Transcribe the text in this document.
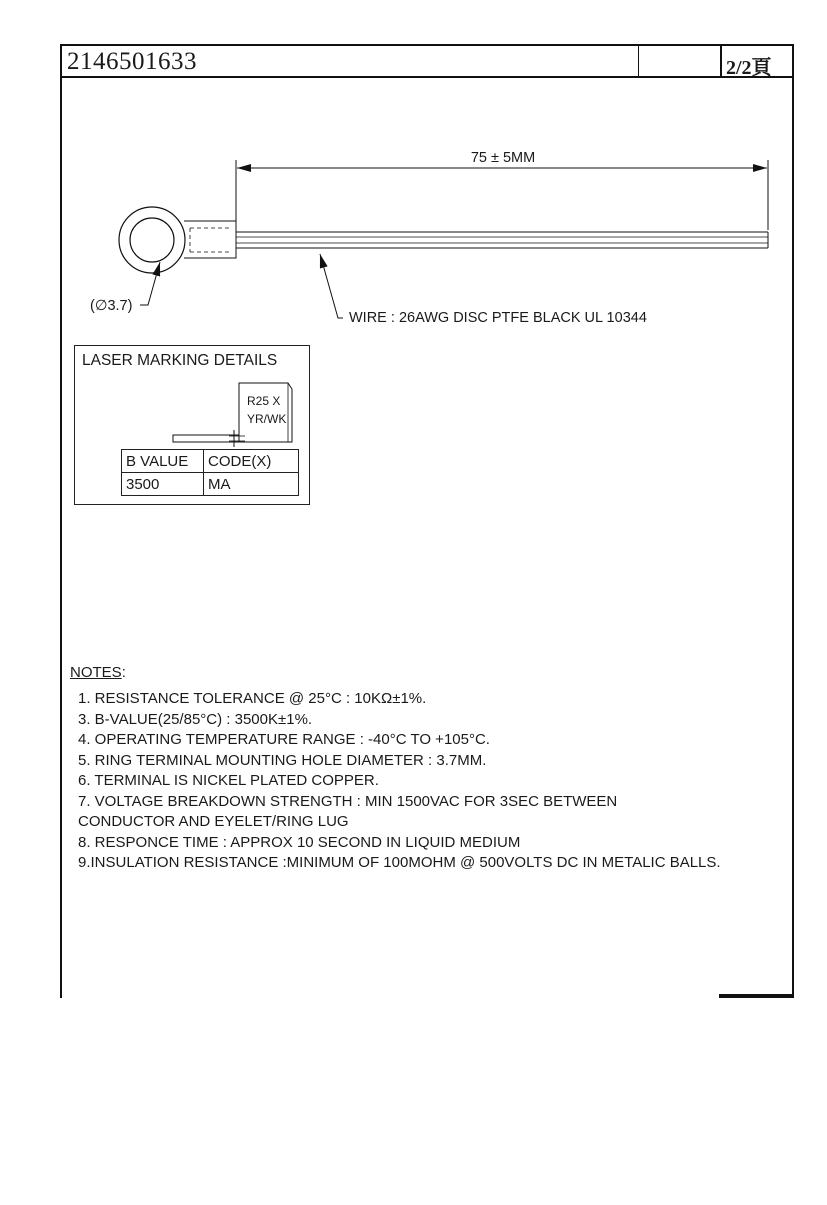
2146501633	2/2頁
75 ± 5MM
(∅3.7)
WIRE : 26AWG DISC PTFE BLACK UL 10344
LASER MARKING DETAILS
R25 X
YR/WK
B VALUE	CODE(X)
3500	MA
NOTES:
1. RESISTANCE TOLERANCE @ 25°C : 10KΩ±1%.
3. B-VALUE(25/85°C) : 3500K±1%.
4. OPERATING TEMPERATURE RANGE : -40°C TO +105°C.
5. RING TERMINAL MOUNTING HOLE DIAMETER : 3.7MM.
6. TERMINAL IS NICKEL PLATED COPPER.
7. VOLTAGE BREAKDOWN STRENGTH : MIN 1500VAC FOR 3SEC BETWEEN
CONDUCTOR AND EYELET/RING LUG
8. RESPONCE TIME : APPROX 10 SECOND IN LIQUID MEDIUM
9.INSULATION RESISTANCE :MINIMUM OF 100MOHM @ 500VOLTS DC IN METALIC BALLS.
